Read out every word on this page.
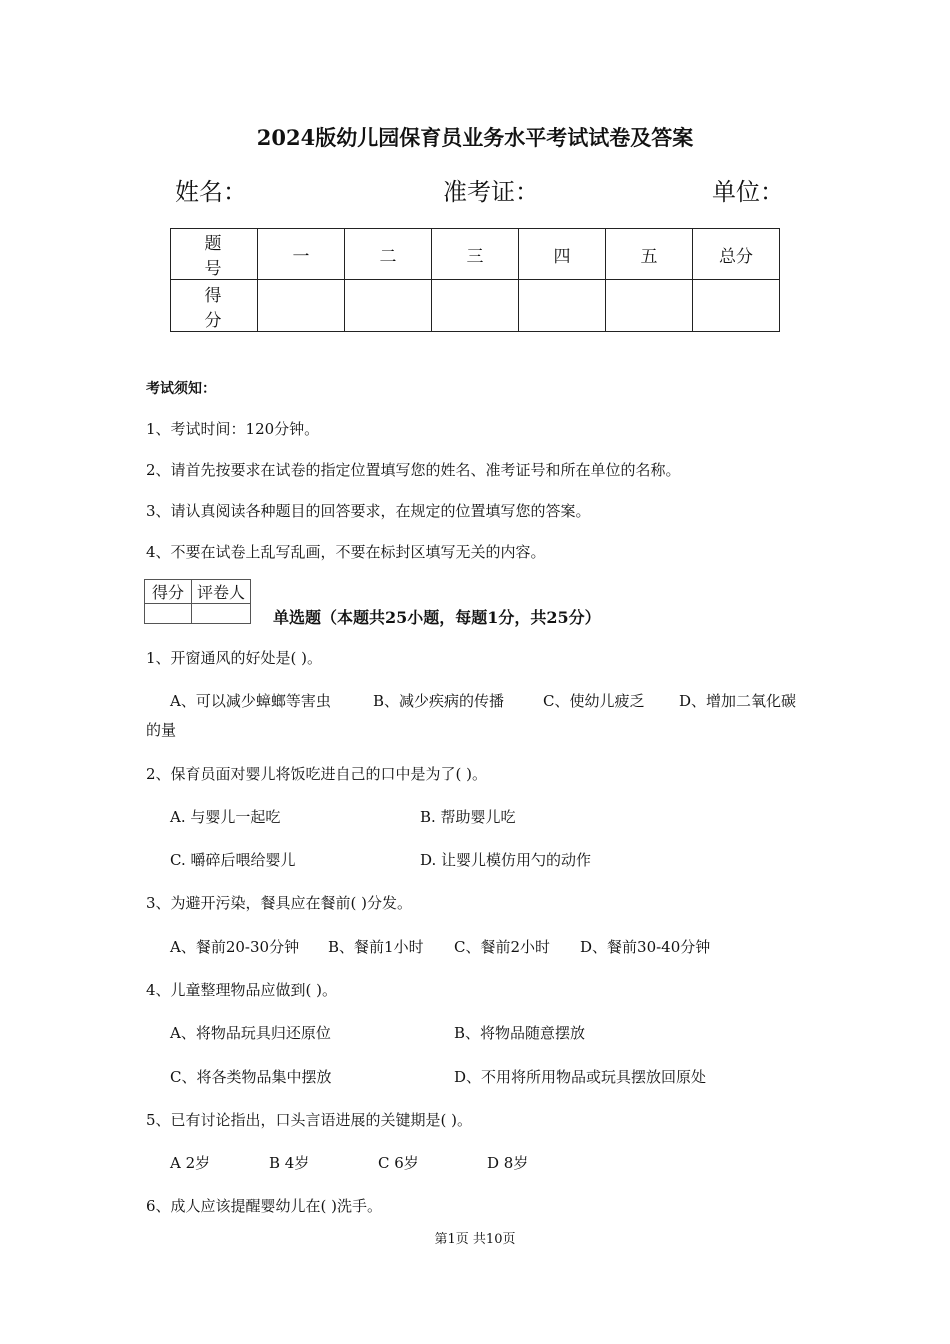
2024版幼儿园保育员业务水平考试试卷及答案
姓名：	准考证：	单位：
题 号	一	二	三	四	五	总分
得 分						
考试须知：
1、考试时间：120分钟。
2、请首先按要求在试卷的指定位置填写您的姓名、准考证号和所在单位的名称。
3、请认真阅读各种题目的回答要求，在规定的位置填写您的答案。
4、不要在试卷上乱写乱画，不要在标封区填写无关的内容。
得分	评卷人

单选题（本题共25小题，每题1分，共25分）
1、开窗通风的好处是( )。
A、可以减少蟑螂等害虫	B、减少疾病的传播	C、使幼儿疲乏 D、增加二氧化碳
的量
2、保育员面对婴儿将饭吃进自己的口中是为了( )。
A. 与婴儿一起吃	B. 帮助婴儿吃
C. 嚼碎后喂给婴儿	D. 让婴儿模仿用勺的动作
3、为避开污染，餐具应在餐前( )分发。
A、餐前20-30分钟 B、餐前1小时 C、餐前2小时 D、餐前30-40分钟
4、儿童整理物品应做到( )。
A、将物品玩具归还原位	B、将物品随意摆放
C、将各类物品集中摆放	D、不用将所用物品或玩具摆放回原处
5、已有讨论指出，口头言语进展的关键期是( )。
A 2岁	B 4岁	C 6岁	D 8岁
6、成人应该提醒婴幼儿在( )洗手。
第1页 共10页
